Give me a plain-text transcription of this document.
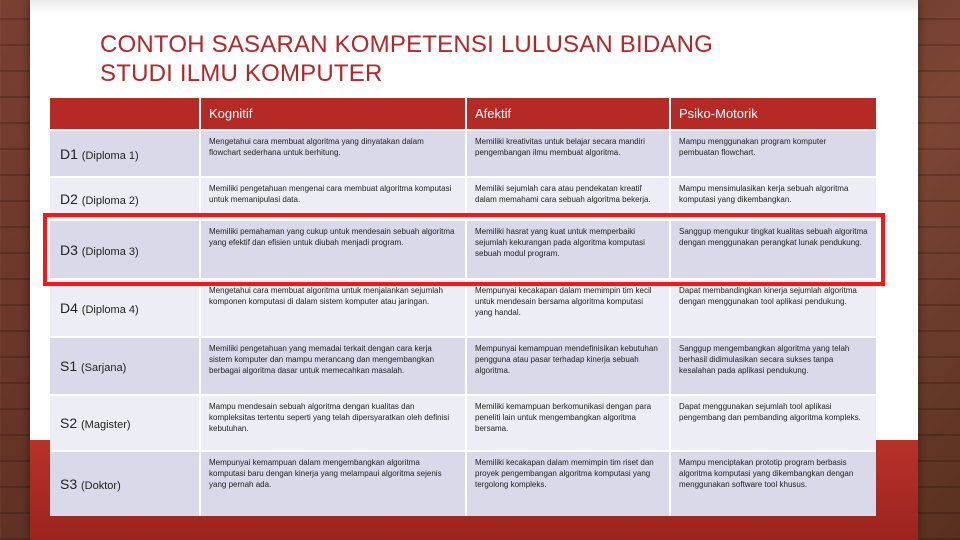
CONTOH SASARAN KOMPETENSI LULUSAN BIDANG
STUDI ILMU KOMPUTER
	Kognitif	Afektif	Psiko-Motorik
D1 (Diploma 1)	Mengetahui cara membuat algoritma yang dinyatakan dalam flowchart sederhana untuk berhitung.	Memiliki kreativitas untuk belajar secara mandiri pengembangan ilmu membuat algoritma.	Mampu menggunakan program komputer pembuatan flowchart.
D2 (Diploma 2)	Memiliki pengetahuan mengenai cara membuat algoritma komputasi untuk memanipulasi data.	Memiliki sejumlah cara atau pendekatan kreatif dalam memahami cara sebuah algoritma bekerja.	Mampu mensimulasikan kerja sebuah algoritma komputasi yang dikembangkan.
D3 (Diploma 3)	Memiliki pemahaman yang cukup untuk mendesain sebuah algoritma yang efektif dan efisien untuk diubah menjadi program.	Memiliki hasrat yang kuat untuk memperbaiki sejumlah kekurangan pada algoritma komputasi sebuah modul program.	Sanggup mengukur tingkat kualitas sebuah algoritma dengan menggunakan perangkat lunak pendukung.
D4 (Diploma 4)	Mengetahui cara membuat algoritma untuk menjalankan sejumlah komponen komputasi di dalam sistem komputer atau jaringan.	Mempunyai kecakapan dalam memimpin tim kecil untuk mendesain bersama algoritma komputasi yang handal.	Dapat membandingkan kinerja sejumlah algoritma dengan menggunakan tool aplikasi pendukung.
S1 (Sarjana)	Memiliki pengetahuan yang memadai terkait dengan cara kerja sistem komputer dan mampu merancang dan mengembangkan berbagai algoritma dasar untuk memecahkan masalah.	Mempunyai kemampuan mendefinisikan kebutuhan pengguna atau pasar terhadap kinerja sebuah algoritma.	Sanggup mengembangkan algoritma yang telah berhasil didimulasikan secara sukses tanpa kesalahan pada aplikasi pendukung.
S2 (Magister)	Mampu mendesain sebuah algoritma dengan kualitas dan kompleksitas tertentu seperti yang telah dipersyaratkan oleh definisi kebutuhan.	Memiliki kemampuan berkomunikasi dengan para peneliti lain untuk mengembangkan algoritma bersama.	Dapat menggunakan sejumlah tool aplikasi pengembang dan pembanding algoritma kompleks.
S3 (Doktor)	Mempunyai kemampuan dalam mengembangkan algoritma komputasi baru dengan kinerja yang melampaui algoritma sejenis yang pernah ada.	Memiliki kecakapan dalam memimpin tim riset dan proyek pengembangan algoritma komputasi yang tergolong kompleks.	Mampu menciptakan prototip program berbasis algoritma komputasi yang dikembangkan dengan menggunakan software tool khusus.
